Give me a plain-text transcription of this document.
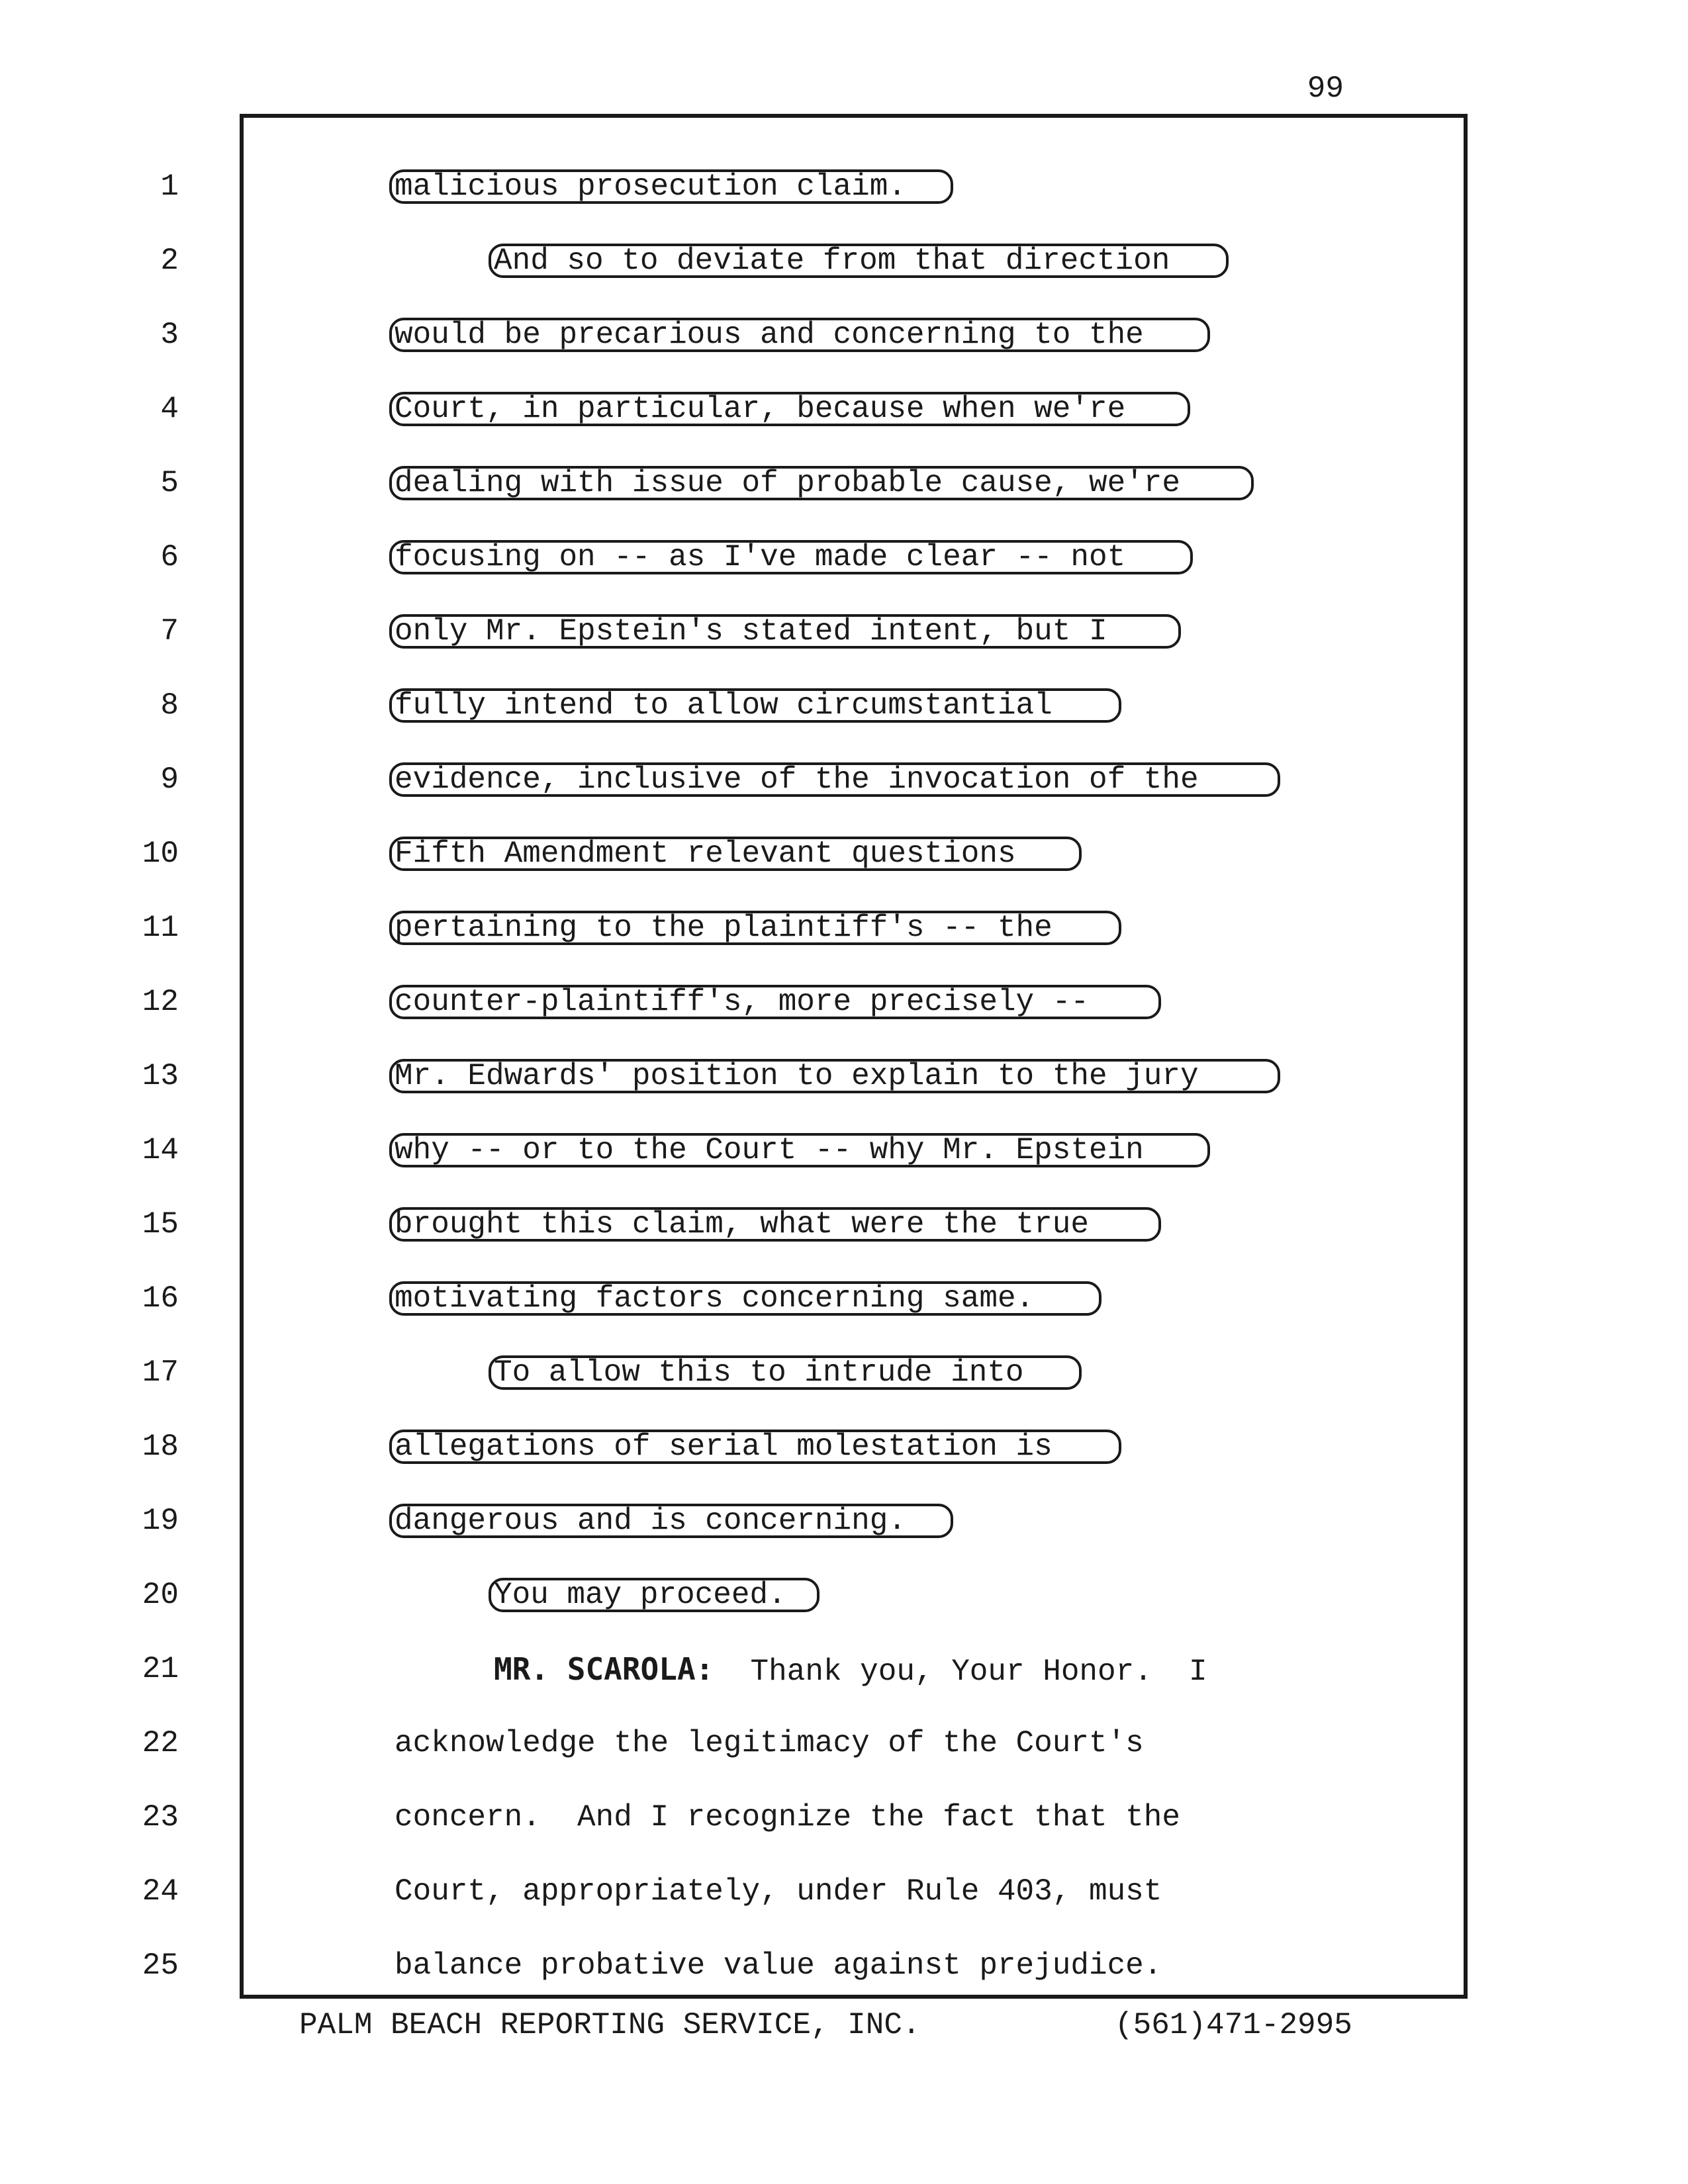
99
1	malicious prosecution claim.
2	And so to deviate from that direction
3	would be precarious and concerning to the
4	Court, in particular, because when we're
5	dealing with issue of probable cause, we're
6	focusing on -- as I've made clear -- not
7	only Mr. Epstein's stated intent, but I
8	fully intend to allow circumstantial
9	evidence, inclusive of the invocation of the
10	Fifth Amendment relevant questions
11	pertaining to the plaintiff's -- the
12	counter-plaintiff's, more precisely --
13	Mr. Edwards' position to explain to the jury
14	why -- or to the Court -- why Mr. Epstein
15	brought this claim, what were the true
16	motivating factors concerning same.
17	To allow this to intrude into
18	allegations of serial molestation is
19	dangerous and is concerning.
20	You may proceed.
21	MR. SCAROLA:  Thank you, Your Honor.  I
22	acknowledge the legitimacy of the Court's
23	concern.  And I recognize the fact that the
24	Court, appropriately, under Rule 403, must
25	balance probative value against prejudice.
PALM BEACH REPORTING SERVICE, INC.	(561)471-2995
